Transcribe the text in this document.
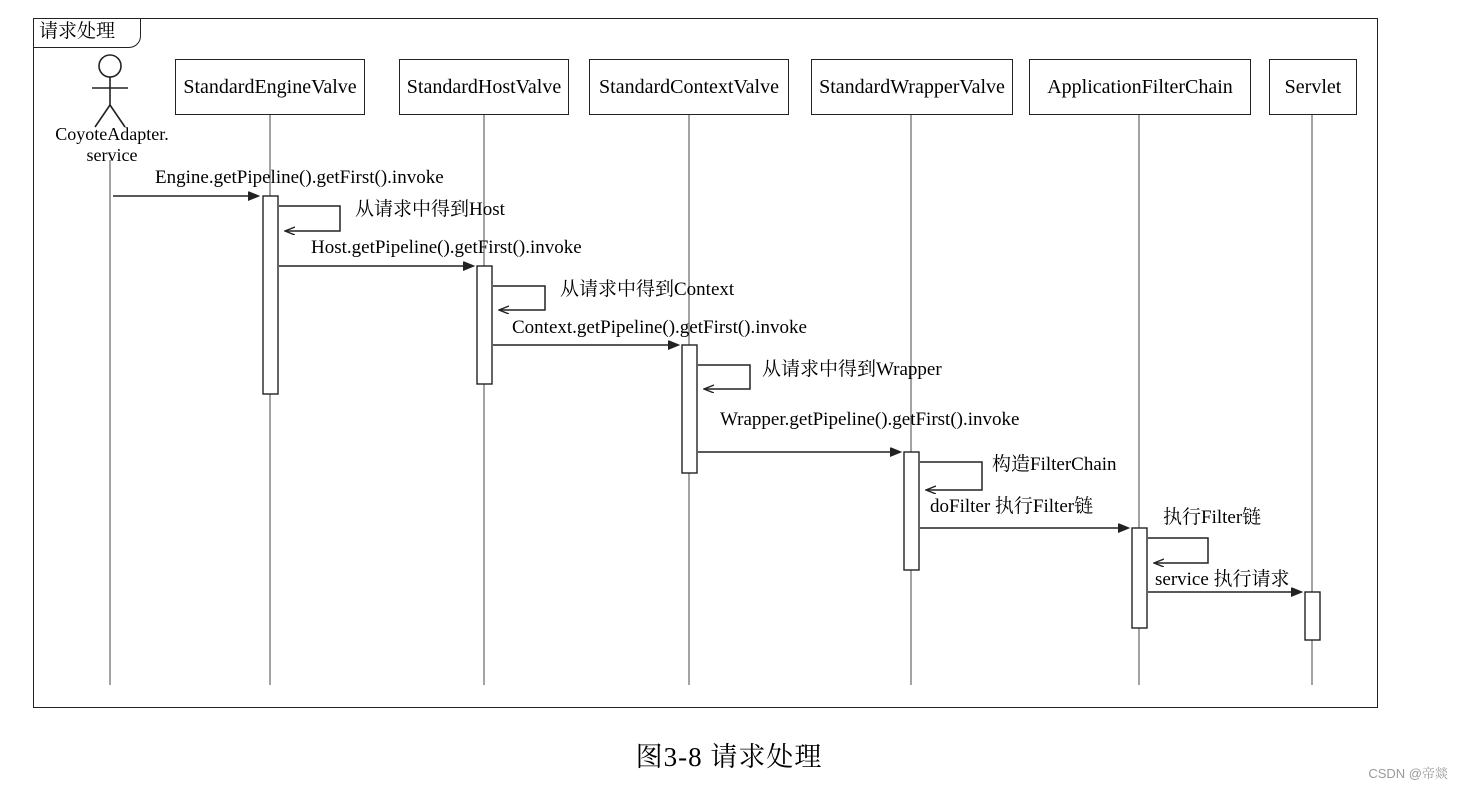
请求处理
StandardEngineValve	StandardHostValve StandardContextValve StandardWrapperValve ApplicationFilterChain	Servlet
CoyoteAdapter.
service
Engine.getPipeline().getFirst().invoke
从请求中得到Host
Host.getPipeline().getFirst().invoke
从请求中得到Context
Context.getPipeline().getFirst().invoke
从请求中得到Wrapper
Wrapper.getPipeline().getFirst().invoke
构造FilterChain
doFilter 执行Filter链
执行Filter链
service 执行请求
图3-8 请求处理
CSDN @帝燚
